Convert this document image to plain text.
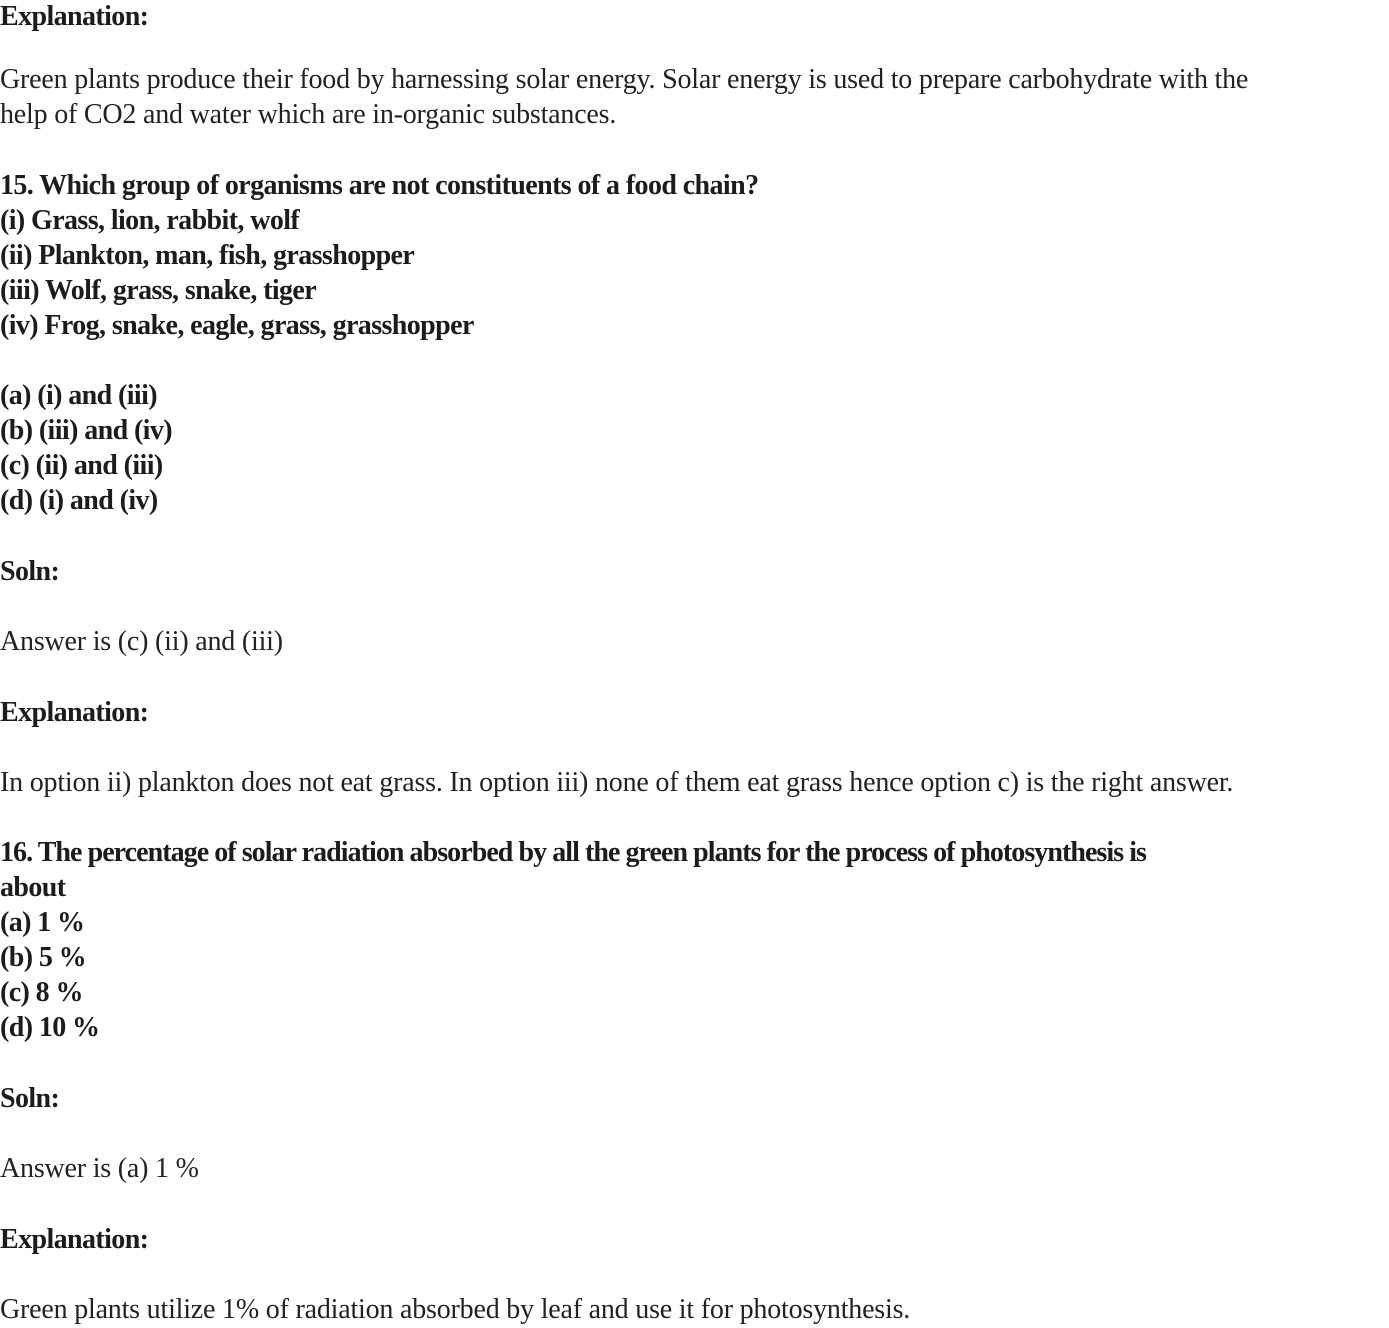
Explanation:
Green plants produce their food by harnessing solar energy. Solar energy is used to prepare carbohydrate with the
help of CO2 and water which are in-organic substances.
15. Which group of organisms are not constituents of a food chain?
(i) Grass, lion, rabbit, wolf
(ii) Plankton, man, fish, grasshopper
(iii) Wolf, grass, snake, tiger
(iv) Frog, snake, eagle, grass, grasshopper
(a) (i) and (iii)
(b) (iii) and (iv)
(c) (ii) and (iii)
(d) (i) and (iv)
Soln:
Answer is (c) (ii) and (iii)
Explanation:
In option ii) plankton does not eat grass. In option iii) none of them eat grass hence option c) is the right answer.
16. The percentage of solar radiation absorbed by all the green plants for the process of photosynthesis is
about
(a) 1 %
(b) 5 %
(c) 8 %
(d) 10 %
Soln:
Answer is (a) 1 %
Explanation:
Green plants utilize 1% of radiation absorbed by leaf and use it for photosynthesis.
